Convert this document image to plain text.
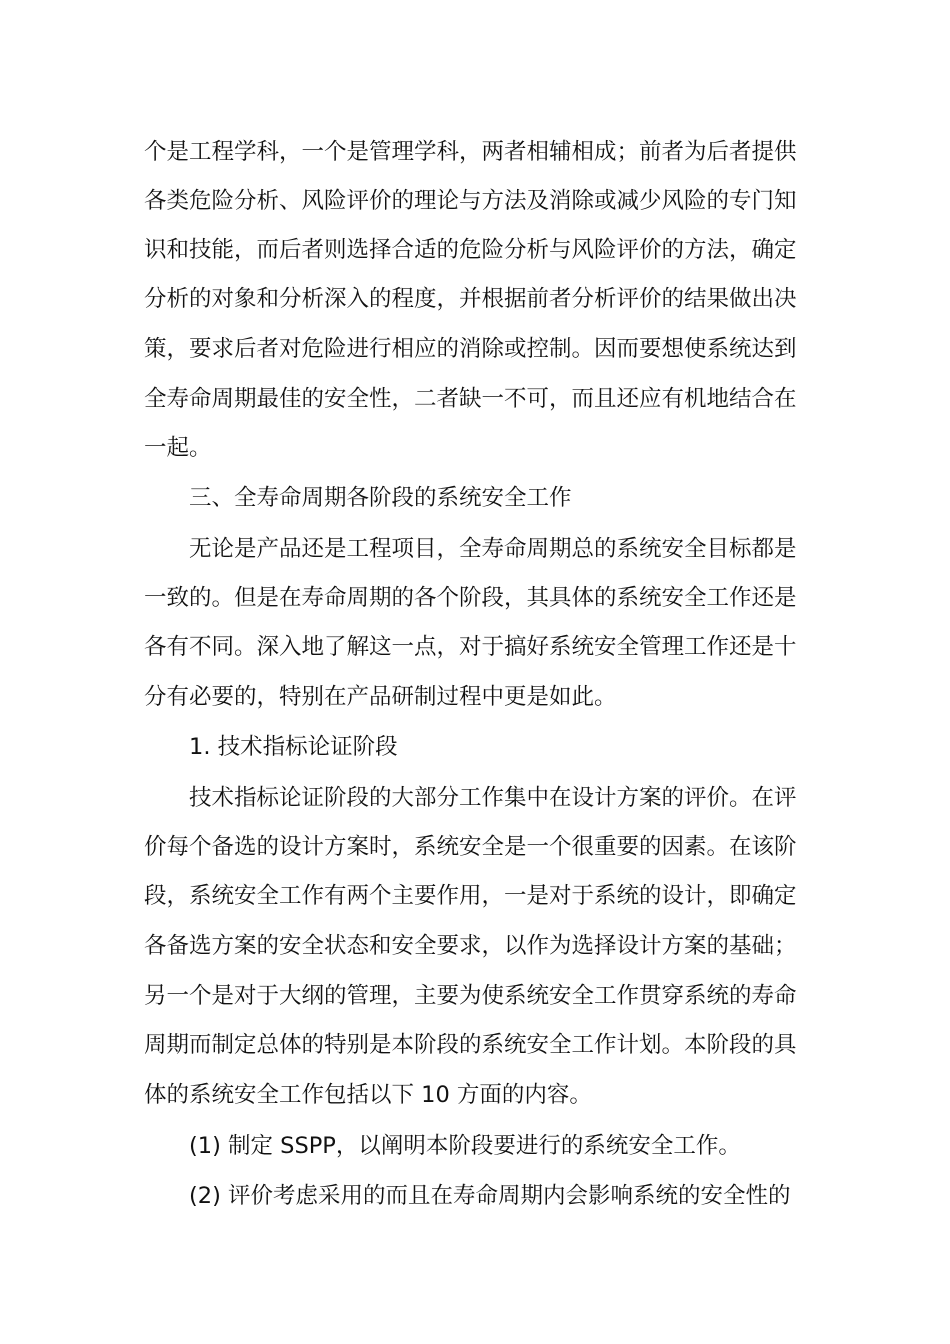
个是工程学科，一个是管理学科，两者相辅相成；前者为后者提供
各类危险分析、风险评价的理论与方法及消除或减少风险的专门知
识和技能，而后者则选择合适的危险分析与风险评价的方法，确定
分析的对象和分析深入的程度，并根据前者分析评价的结果做出决
策，要求后者对危险进行相应的消除或控制。因而要想使系统达到
全寿命周期最佳的安全性，二者缺一不可，而且还应有机地结合在
一起。
三、全寿命周期各阶段的系统安全工作
无论是产品还是工程项目，全寿命周期总的系统安全目标都是
一致的。但是在寿命周期的各个阶段，其具体的系统安全工作还是
各有不同。深入地了解这一点，对于搞好系统安全管理工作还是十
分有必要的，特别在产品研制过程中更是如此。
1. 技术指标论证阶段
技术指标论证阶段的大部分工作集中在设计方案的评价。在评
价每个备选的设计方案时，系统安全是一个很重要的因素。在该阶
段，系统安全工作有两个主要作用，一是对于系统的设计，即确定
各备选方案的安全状态和安全要求，以作为选择设计方案的基础；
另一个是对于大纲的管理，主要为使系统安全工作贯穿系统的寿命
周期而制定总体的特别是本阶段的系统安全工作计划。本阶段的具
体的系统安全工作包括以下 10 方面的内容。
(1) 制定 SSPP，以阐明本阶段要进行的系统安全工作。
(2) 评价考虑采用的而且在寿命周期内会影响系统的安全性的
